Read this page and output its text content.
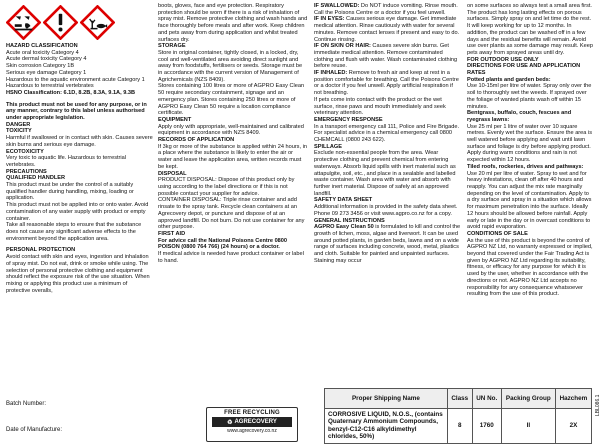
HAZARD CLASSIFICATION

Acute oral toxicity Category 4

Acute dermal toxicity Category 4

Skin corrosion Category 1B

Serious eye damage Category 1

Hazardous to the aquatic environment acute Category 1

Hazardous to terrestrial vertebrates

HSNO Classification: 6.1D, 8.2B, 8.3A, 9.1A, 9.3B

This product must not be used for any purpose, or in any manner, contrary to this label unless authorised under appropriate legislation.

DANGER

TOXICITY

Harmful if swallowed or in contact with skin. Causes severe skin burns and serious eye damage.

ECOTOXICITY

Very toxic to aquatic life. Hazardous to terrestrial vertebrates.

PRECAUTIONS

QUALIFIED HANDLER

This product must be under the control of a suitably qualified handler during handling, mixing, loading or application.

This product must not be applied into or onto water. Avoid contamination of any water supply with product or empty container.

Take all reasonable steps to ensure that the substance does not cause any significant adverse effects to the environment beyond the application area.

PERSONAL PROTECTION

Avoid contact with skin and eyes, ingestion and inhalation of spray mist. Do not eat, drink or smoke while using. The selection of personal protective clothing and equipment should reflect the exposure risk of the use situation. When mixing or applying this product use a minimum of protective overalls,

boots, gloves, face and eye protection. Respiratory protection should be worn if there is a risk of inhalation of spray mist. Remove protective clothing and wash hands and face thoroughly before meals and after work. Keep children and pets away from during application and whilst treated surfaces dry.

STORAGE

Store in original container, tightly closed, in a locked, dry, cool and well-ventilated area avoiding direct sunlight and away from foodstuffs, fertilisers or seeds. Storage must be in accordance with the current version of Management of Agrichemicals (NZS 8409).

Stores containing 100 litres or more of AGPRO Easy Clean 50 require secondary containment, signage and an emergency plan. Stores containing 250 litres or more of AGPRO Easy Clean 50 require a location compliance certificate.

EQUIPMENT

Apply only with appropriate, well-maintained and calibrated equipment in accordance with NZS 8409.

RECORDS OF APPLICATION

If 3kg or more of the substance is applied within 24 hours, in a place where the substance is likely to enter the air or water and leave the application area, written records must be kept.

DISPOSAL

PRODUCT DISPOSAL: Dispose of this product only by using according to the label directions or if this is not possible contact your supplier for advice.

CONTAINER DISPOSAL: Triple rinse container and add rinsate to the spray tank. Recycle clean containers at an Agrecovery depot, or puncture and dispose of at an approved landfill. Do not burn. Do not use container for any other purpose.

FIRST AID

For advice call the National Poisons Centre 0800 POISON (0800 764 766) (24 hours) or a doctor.

If medical advice is needed have product container or label to hand.

IF SWALLOWED: Do NOT induce vomiting. Rinse mouth. Call the Poisons Centre or a doctor if you feel unwell.

IF IN EYES: Causes serious eye damage. Get immediate medical attention. Rinse cautiously with water for several minutes. Remove contact lenses if present and easy to do. Continue rinsing.

IF ON SKIN OR HAIR: Causes severe skin burns. Get immediate medical attention. Remove contaminated clothing and flush with water. Wash contaminated clothing before reuse.

IF INHALED: Remove to fresh air and keep at rest in a position comfortable for breathing. Call the Poisons Centre or a doctor if you feel unwell. Apply artificial respiration if not breathing.

If pets come into contact with the product or the wet surface, rinse paws and mouth immediately and seek veterinary attention.

EMERGENCY RESPONSE

In a transport emergency call 111, Police and Fire Brigade.

For specialist advice in a chemical emergency call 0800 CHEMCALL (0800 243 622).

SPILLAGE

Exclude non-essential people from the area. Wear protective clothing and prevent chemical from entering waterways. Absorb liquid spills with inert material such as attapulgite, soil, etc., and place in a sealable and labelled waste container. Wash area with water and absorb with further inert material. Dispose of safely at an approved landfill.

SAFETY DATA SHEET

Additional information is provided in the safety data sheet. Phone 09 273 3456 or visit www.agpro.co.nz for a copy.

GENERAL INSTRUCTIONS

AGPRO Easy Clean 50 is formulated to kill and control the growth of lichen, moss, algae and liverwort. It can be used around potted plants, in garden beds, lawns and on a wide range of surfaces including concrete, wood, metal, plastics and cloth. Suitable for painted and unpainted surfaces. Staining may occur

on some surfaces so always test a small area first. The product has long lasting effects on porous surfaces. Simply spray on and let time do the rest. It will keep working for up to 12 months. In addition, the product can be washed off in a few days and the residual benefits will remain. Avoid use over plants as some damage may result. Keep pets away from sprayed areas until dry.

FOR OUTDOOR USE ONLY

DIRECTIONS FOR USE AND APPLICATION RATES

Potted plants and garden beds:

Use 10-15ml per litre of water. Spray only over the soil to thoroughly wet the weeds. If sprayed over the foliage of wanted plants wash off within 15 minutes.

Bentgrass, buffalo, couch, fescues and ryegrass lawns:

Use 25 ml per 1 litre of water over 10 square metres. Evenly wet the surface. Ensure the area is well watered before applying and wait until lawn surface and foliage is dry before applying product. Apply during warm conditions and rain is not expected within 12 hours.

Tiled roofs, rockeries, drives and pathways:

Use 20 ml per litre of water. Spray to wet and for heavy infestations, clean off after 40 hours and reapply. You can adjust the mix rate marginally depending on the level of contamination. Apply to a dry surface and spray in a situation which allows for maximum penetration into the surface. Ideally 12 hours should be allowed before rainfall. Apply early or late in the day or in overcast conditions to avoid rapid evaporation.

CONDITIONS OF SALE

As the use of this product is beyond the control of AGPRO NZ Ltd, no warranty expressed or implied, beyond that covered under the Fair Trading Act is given by AGPRO NZ Ltd regarding its suitability, fitness, or efficacy for any purpose for which it is used by the user, whether in accordance with the directions or not. AGPRO NZ Ltd accepts no responsibility for any consequence whatsoever resulting from the use of this product.

Batch Number:
Date of Manufacture:
FREE RECYCLING
♻ AGRECOVERY
www.agrecovery.co.nz
Proper Shipping Name	Class	UN No.	Packing Group	Hazchem
CORROSIVE LIQUID, N.O.S., (contains Quaternary Ammonium Compounds, benzyl-C12-C16 alkyldimethyl chlorides, 50%)	8	1760	II	2X
LBL086.1
